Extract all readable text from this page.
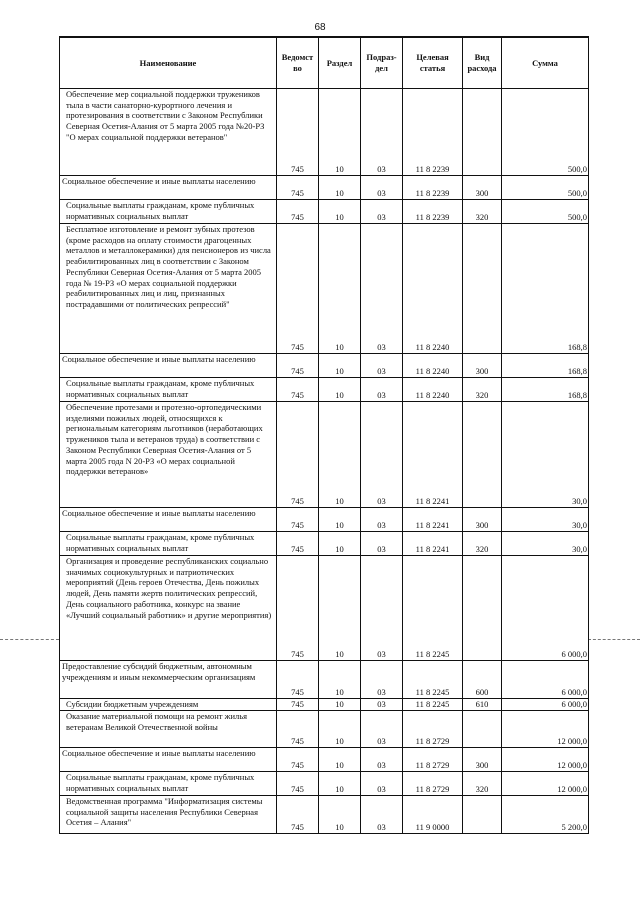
68
Наименование	Ведомст во	Раздел	Подраз- дел	Целевая статья	Вид расхода	Сумма
Обеспечение мер социальной поддержки тружеников тыла в части санаторно-курортного лечения и протезирования в соответствии с Законом Республики Северная Осетия-Алания от 5 марта 2005 года №20-РЗ "О мерах социальной поддержки ветеранов"	745	10	03	11 8 2239		500,0
Социальное обеспечение и иные выплаты населению	745	10	03	11 8 2239	300	500,0
Социальные выплаты гражданам, кроме публичных нормативных социальных выплат	745	10	03	11 8 2239	320	500,0
Бесплатное изготовление и ремонт зубных протезов (кроме расходов на оплату стоимости драгоценных металлов и металлокерамики) для пенсионеров из числа реабилитированных лиц в соответствии с Законом Республики Северная Осетия-Алания от 5 марта 2005 года № 19-РЗ «О мерах социальной поддержки реабилитированных лиц и лиц, признанных пострадавшими от политических репрессий"	745	10	03	11 8 2240		168,8
Социальное обеспечение и иные выплаты населению	745	10	03	11 8 2240	300	168,8
Социальные выплаты гражданам, кроме публичных нормативных социальных выплат	745	10	03	11 8 2240	320	168,8
Обеспечение протезами и протезно-ортопедическими изделиями пожилых людей, относящихся к региональным категориям льготников (неработающих тружеников тыла и ветеранов труда) в соответствии с Законом Республики Северная Осетия-Алания от 5 марта 2005 года N 20-РЗ «О мерах социальной поддержки ветеранов»	745	10	03	11 8 2241		30,0
Социальное обеспечение и иные выплаты населению	745	10	03	11 8 2241	300	30,0
Социальные выплаты гражданам, кроме публичных нормативных социальных выплат	745	10	03	11 8 2241	320	30,0
Организация и проведение республиканских социально значимых социокультурных и патриотических мероприятий (День героев Отечества, День пожилых людей, День памяти жертв политических репрессий, День социального работника, конкурс на звание «Лучший социальный работник» и другие мероприятия)	745	10	03	11 8 2245		6 000,0
Предоставление субсидий бюджетным, автономным учреждениям и иным некоммерческим организациям	745	10	03	11 8 2245	600	6 000,0
Субсидии бюджетным учреждениям	745	10	03	11 8 2245	610	6 000,0
Оказание материальной помощи на ремонт жилья ветеранам Великой Отечественной войны	745	10	03	11 8 2729		12 000,0
Социальное обеспечение и иные выплаты населению	745	10	03	11 8 2729	300	12 000,0
Социальные выплаты гражданам, кроме публичных нормативных социальных выплат	745	10	03	11 8 2729	320	12 000,0
Ведомственная программа "Информатизация системы социальной защиты населения Республики Северная Осетия – Алания"	745	10	03	11 9 0000		5 200,0
